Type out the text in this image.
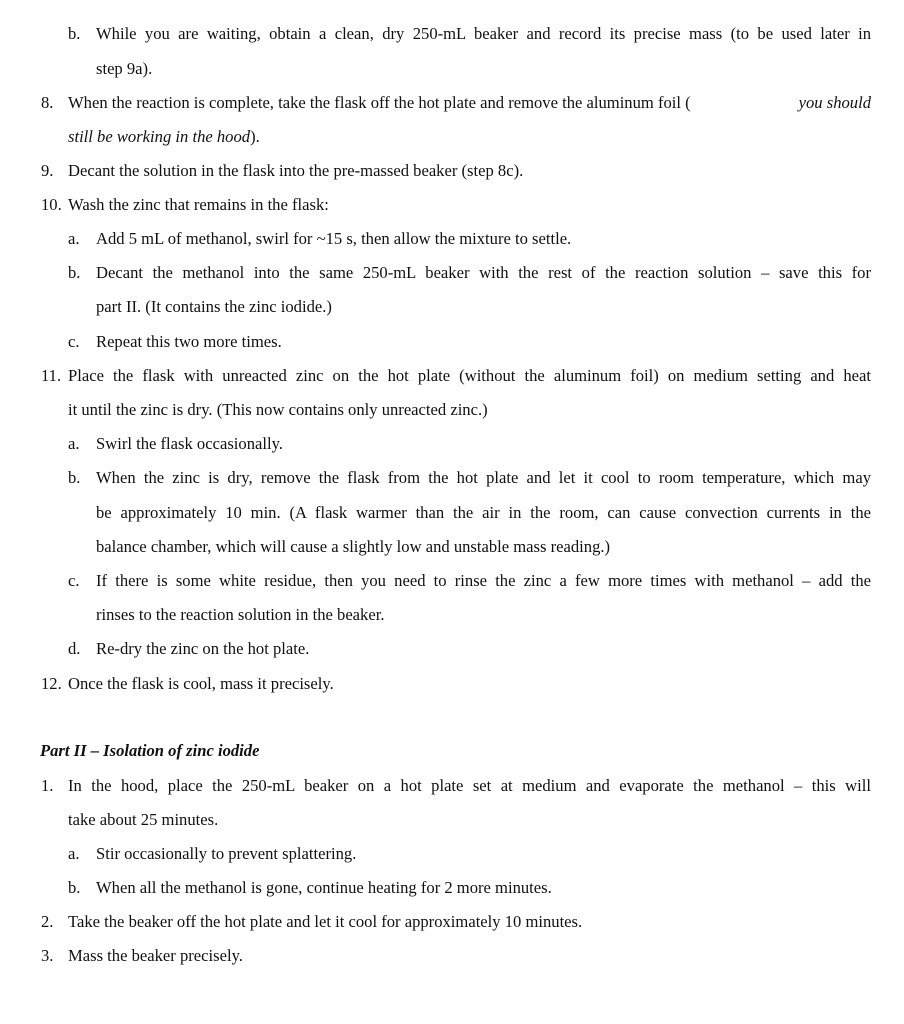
b. While you are waiting, obtain a clean, dry 250-mL beaker and record its precise mass (to be used later in
step 9a).
8. When the reaction is complete, take the flask off the hot plate and remove the aluminum foil (	you should
still be working in the hood).
9. Decant the solution in the flask into the pre-massed beaker (step 8c).
10. Wash the zinc that remains in the flask:
a. Add 5 mL of methanol, swirl for ~15 s, then allow the mixture to settle.
b. Decant the methanol into the same 250-mL beaker with the rest of the reaction solution – save this for
part II. (It contains the zinc iodide.)
c. Repeat this two more times.
11. Place the flask with unreacted zinc on the hot plate (without the aluminum foil) on medium setting and heat
it until the zinc is dry. (This now contains only unreacted zinc.)
a. Swirl the flask occasionally.
b. When the zinc is dry, remove the flask from the hot plate and let it cool to room temperature, which may
be approximately 10 min. (A flask warmer than the air in the room, can cause convection currents in the
balance chamber, which will cause a slightly low and unstable mass reading.)
c. If there is some white residue, then you need to rinse the zinc a few more times with methanol – add the
rinses to the reaction solution in the beaker.
d. Re-dry the zinc on the hot plate.
12. Once the flask is cool, mass it precisely.
Part II – Isolation of zinc iodide
1. In the hood, place the 250-mL beaker on a hot plate set at medium and evaporate the methanol – this will
take about 25 minutes.
a. Stir occasionally to prevent splattering.
b. When all the methanol is gone, continue heating for 2 more minutes.
2. Take the beaker off the hot plate and let it cool for approximately 10 minutes.
3. Mass the beaker precisely.
